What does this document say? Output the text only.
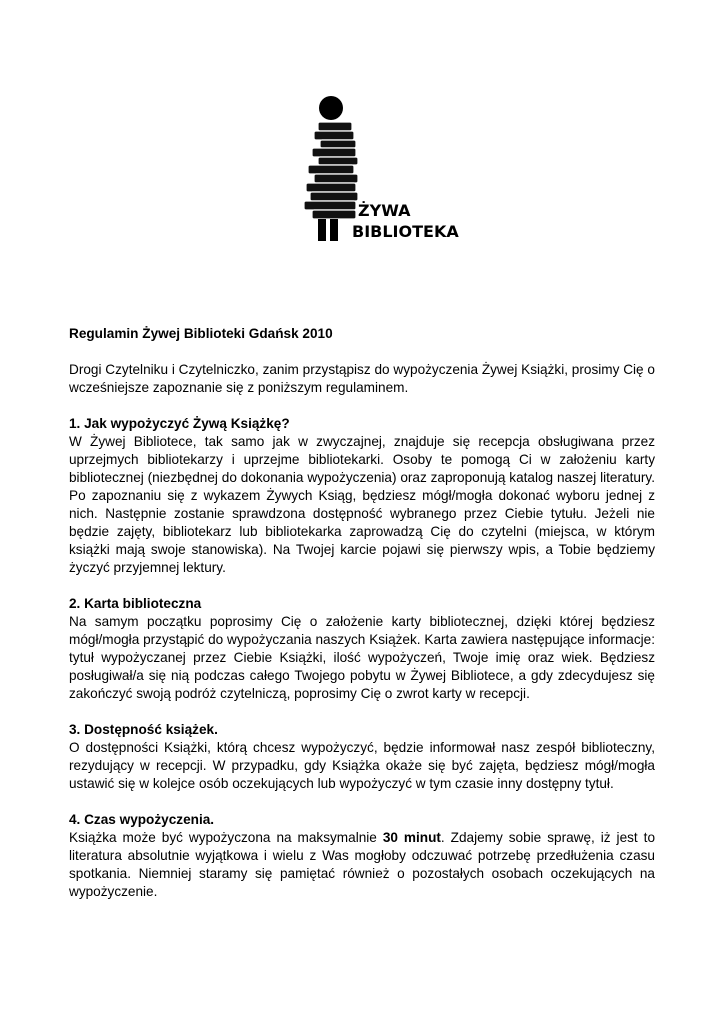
ŻYWA
BIBLIOTEKA
Regulamin Żywej Biblioteki Gdańsk 2010

Drogi Czytelniku i Czytelniczko, zanim przystąpisz do wypożyczenia Żywej Książki, prosimy Cię o wcześniejsze zapoznanie się z poniższym regulaminem.

1. Jak wypożyczyć Żywą Książkę?

W Żywej Bibliotece, tak samo jak w zwyczajnej, znajduje się recepcja obsługiwana przez uprzejmych bibliotekarzy i uprzejme bibliotekarki. Osoby te pomogą Ci w założeniu karty bibliotecznej (niezbędnej do dokonania wypożyczenia) oraz zaproponują katalog naszej literatury. Po zapoznaniu się z wykazem Żywych Ksiąg, będziesz mógł/mogła dokonać wyboru jednej z nich. Następnie zostanie sprawdzona dostępność wybranego przez Ciebie tytułu. Jeżeli nie będzie zajęty, bibliotekarz lub bibliotekarka zaprowadzą Cię do czytelni (miejsca, w którym książki mają swoje stanowiska). Na Twojej karcie pojawi się pierwszy wpis, a Tobie będziemy życzyć przyjemnej lektury.

2. Karta biblioteczna

Na samym początku poprosimy Cię o założenie karty bibliotecznej, dzięki której będziesz mógł/mogła przystąpić do wypożyczania naszych Książek. Karta zawiera następujące informacje: tytuł wypożyczanej przez Ciebie Książki, ilość wypożyczeń, Twoje imię oraz wiek. Będziesz posługiwał/a się nią podczas całego Twojego pobytu w Żywej Bibliotece, a gdy zdecydujesz się zakończyć swoją podróż czytelniczą, poprosimy Cię o zwrot karty w recepcji.

3. Dostępność książek.

O dostępności Książki, którą chcesz wypożyczyć, będzie informował nasz zespół biblioteczny, rezydujący w recepcji. W przypadku, gdy Książka okaże się być zajęta, będziesz mógł/mogła ustawić się w kolejce osób oczekujących lub wypożyczyć w tym czasie inny dostępny tytuł.

4. Czas wypożyczenia.

Książka może być wypożyczona na maksymalnie 30 minut. Zdajemy sobie sprawę, iż jest to literatura absolutnie wyjątkowa i wielu z Was mogłoby odczuwać potrzebę przedłużenia czasu spotkania. Niemniej staramy się pamiętać również o pozostałych osobach oczekujących na wypożyczenie.
